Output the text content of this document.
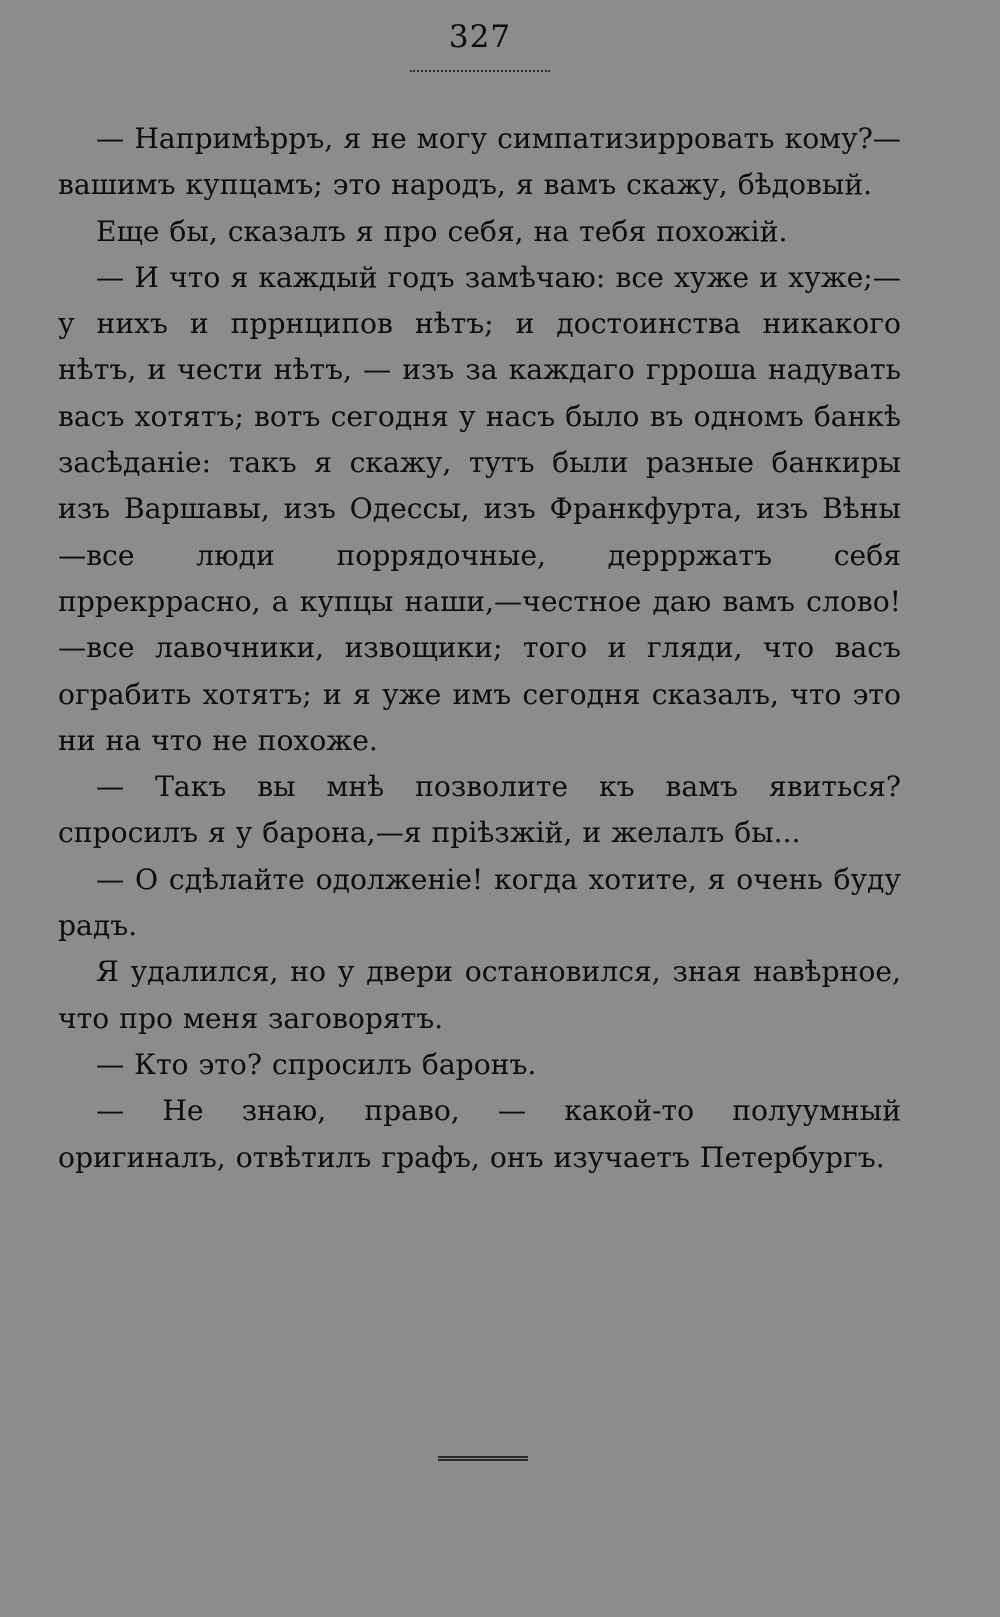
327

— Напримѣрръ, я не могу симпатизирровать кому?—вашимъ купцамъ; это народъ, я вамъ скажу, бѣдовый.

Еще бы, сказалъ я про себя, на тебя похожій.

— И что я каждый годъ замѣчаю: все хуже и хуже;—у нихъ и пррнципов нѣтъ; и достоинства никакого нѣтъ, и чести нѣтъ, — изъ за каждаго грроша надувать васъ хотятъ; вотъ сегодня у насъ было въ одномъ банкѣ засѣданіе: такъ я скажу, тутъ были разные банкиры изъ Варшавы, изъ Одессы, изъ Франкфурта, изъ Вѣны—все люди поррядочные, деррржатъ себя пррекррасно, а купцы наши,—честное даю вамъ слово!—все лавочники, извощики; того и гляди, что васъ ограбить хотятъ; и я уже имъ сегодня сказалъ, что это ни на что не похоже.

— Такъ вы мнѣ позволите къ вамъ явиться? спросилъ я у барона,—я пріѣзжій, и желалъ бы...

— О сдѣлайте одолженіе! когда хотите, я очень буду радъ.

Я удалился, но у двери остановился, зная навѣрное, что про меня заговорятъ.

— Кто это? спросилъ баронъ.

— Не знаю, право, — какой-то полуумный оригиналъ, отвѣтилъ графъ, онъ изучаетъ Петербургъ.
